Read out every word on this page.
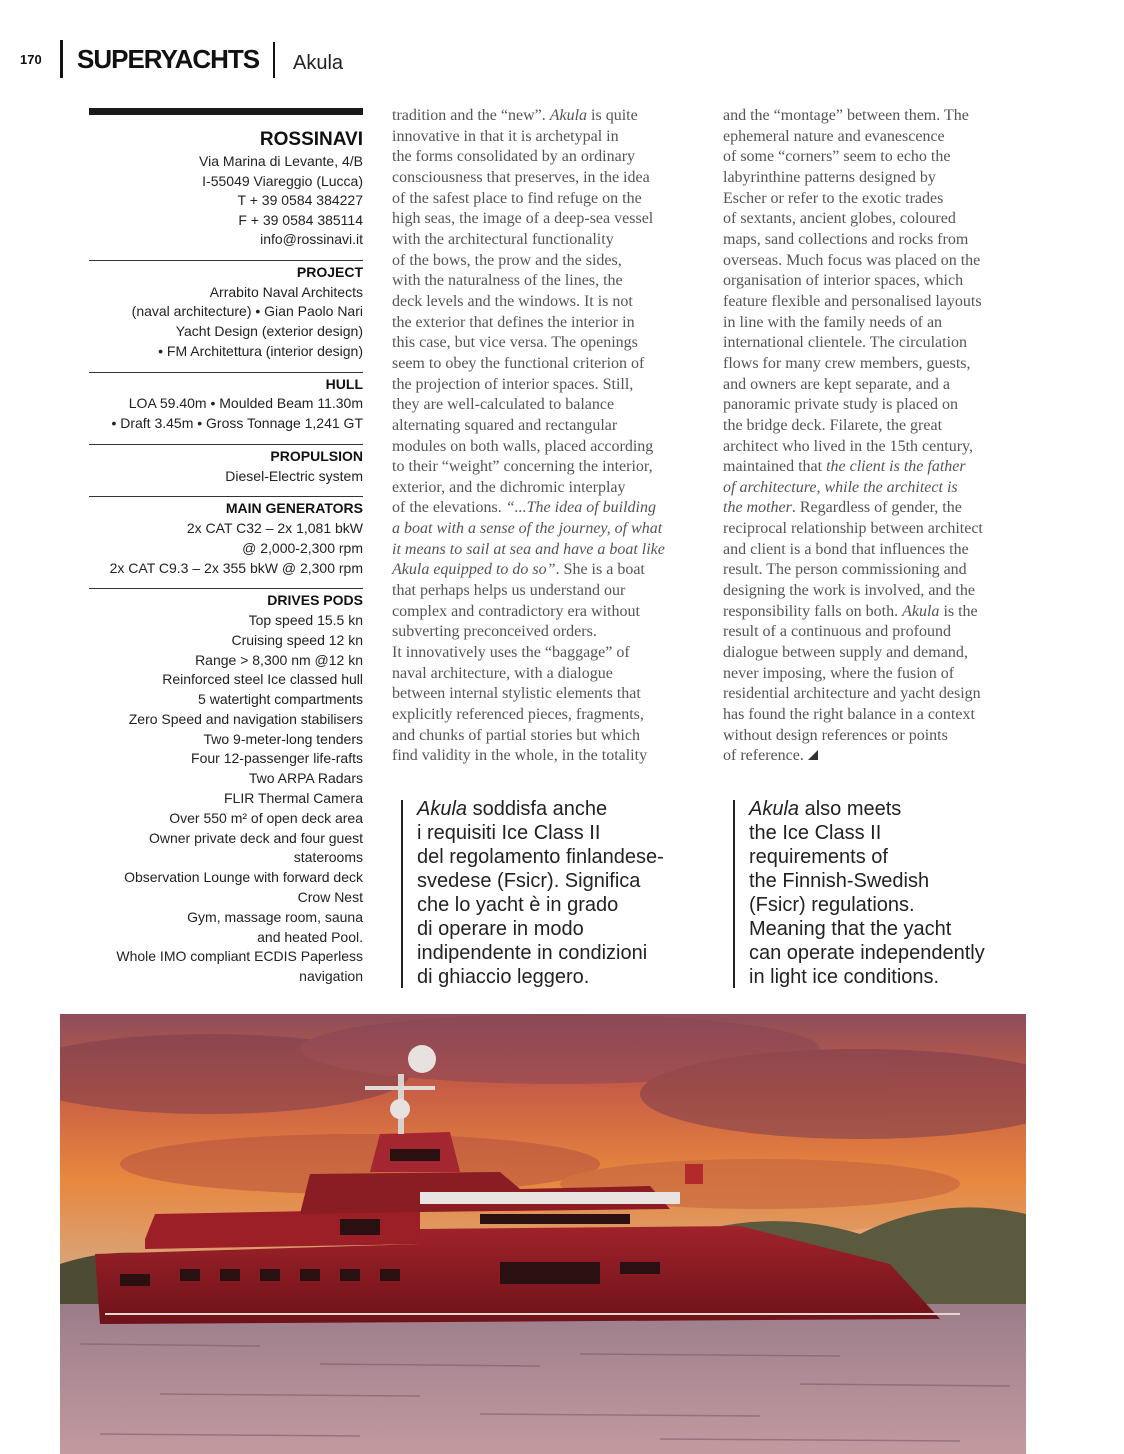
170 SUPERYACHTS Akula
ROSSINAVI
Via Marina di Levante, 4/B
I-55049 Viareggio (Lucca)
T + 39 0584 384227
F + 39 0584 385114
info@rossinavi.it
PROJECT
Arrabito Naval Architects
(naval architecture) • Gian Paolo Nari
Yacht Design (exterior design)
• FM Architettura (interior design)
HULL
LOA 59.40m • Moulded Beam 11.30m
• Draft 3.45m • Gross Tonnage 1,241 GT
PROPULSION
Diesel-Electric system
MAIN GENERATORS
2x CAT C32 – 2x 1,081 bkW
@ 2,000-2,300 rpm
2x CAT C9.3 – 2x 355 bkW @ 2,300 rpm
DRIVES PODS
Top speed 15.5 kn
Cruising speed 12 kn
Range > 8,300 nm @12 kn
Reinforced steel Ice classed hull
5 watertight compartments
Zero Speed and navigation stabilisers
Two 9-meter-long tenders
Four 12-passenger life-rafts
Two ARPA Radars
FLIR Thermal Camera
Over 550 m² of open deck area
Owner private deck and four guest
staterooms
Observation Lounge with forward deck
Crow Nest
Gym, massage room, sauna
and heated Pool.
Whole IMO compliant ECDIS Paperless
navigation

tradition and the “new”. Akula is quite
innovative in that it is archetypal in
the forms consolidated by an ordinary
consciousness that preserves, in the idea
of the safest place to find refuge on the
high seas, the image of a deep-sea vessel
with the architectural functionality
of the bows, the prow and the sides,
with the naturalness of the lines, the
deck levels and the windows. It is not
the exterior that defines the interior in
this case, but vice versa. The openings
seem to obey the functional criterion of
the projection of interior spaces. Still,
they are well-calculated to balance
alternating squared and rectangular
modules on both walls, placed according
to their “weight” concerning the interior,
exterior, and the dichromic interplay
of the elevations. “...The idea of building
a boat with a sense of the journey, of what
it means to sail at sea and have a boat like
Akula equipped to do so”. She is a boat
that perhaps helps us understand our
complex and contradictory era without
subverting preconceived orders.

It innovatively uses the “baggage” of
naval architecture, with a dialogue
between internal stylistic elements that
explicitly referenced pieces, fragments,
and chunks of partial stories but which
find validity in the whole, in the totality

and the “montage” between them. The
ephemeral nature and evanescence
of some “corners” seem to echo the
labyrinthine patterns designed by
Escher or refer to the exotic trades
of sextants, ancient globes, coloured
maps, sand collections and rocks from
overseas. Much focus was placed on the
organisation of interior spaces, which
feature flexible and personalised layouts
in line with the family needs of an
international clientele. The circulation
flows for many crew members, guests,
and owners are kept separate, and a
panoramic private study is placed on
the bridge deck. Filarete, the great
architect who lived in the 15th century,
maintained that the client is the father
of architecture, while the architect is
the mother. Regardless of gender, the
reciprocal relationship between architect
and client is a bond that influences the
result. The person commissioning and
designing the work is involved, and the
responsibility falls on both. Akula is the
result of a continuous and profound
dialogue between supply and demand,
never imposing, where the fusion of
residential architecture and yacht design
has found the right balance in a context
without design references or points
of reference.

Akula soddisfa anche
i requisiti Ice Class II
del regolamento finlandese-
svedese (Fsicr). Significa
che lo yacht è in grado
di operare in modo
indipendente in condizioni
di ghiaccio leggero.

Akula also meets
the Ice Class II
requirements of
the Finnish-Swedish
(Fsicr) regulations.
Meaning that the yacht
can operate independently
in light ice conditions.
